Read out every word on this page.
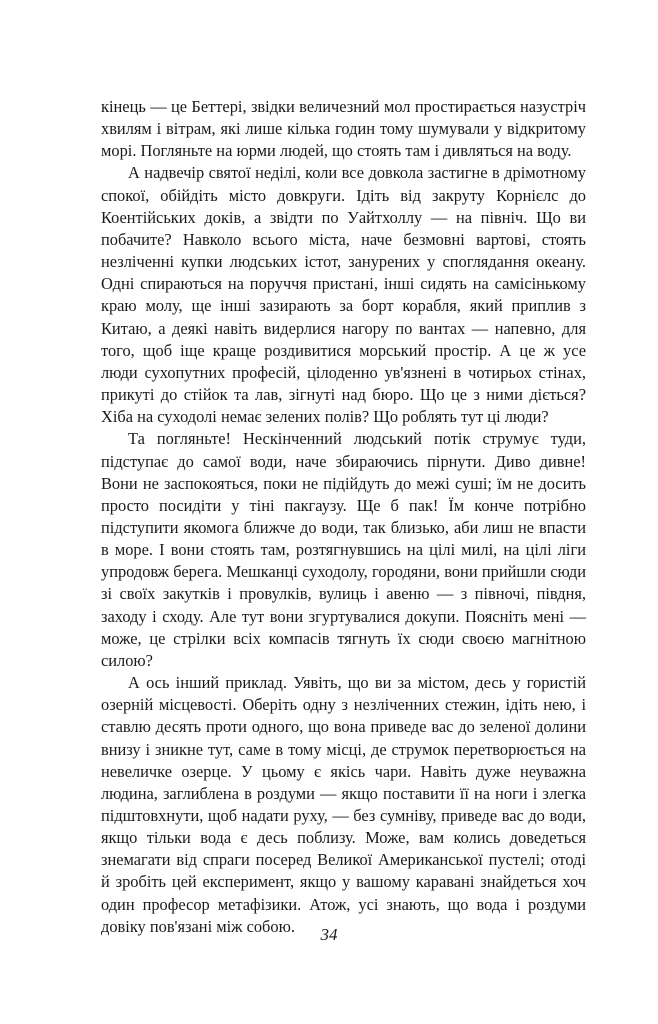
кінець — це Беттері, звідки величезний мол простирається назустріч хвилям і вітрам, які лише кілька годин тому шумували у відкритому морі. Погляньте на юрми людей, що стоять там і дивляться на воду.

А надвечір святої неділі, коли все довкола застигне в дрімотному спокої, обійдіть місто довкруги. Ідіть від закруту Корнієлс до Коентійських доків, а звідти по Уайтхоллу — на північ. Що ви побачите? Навколо всього міста, наче безмовні вартові, стоять незліченні купки людських істот, занурених у споглядання океану. Одні спираються на поруччя пристані, інші сидять на самісінькому краю молу, ще інші зазирають за борт корабля, який приплив з Китаю, а деякі навіть видерлися нагору по вантах — напевно, для того, щоб іще краще роздивитися морський простір. А це ж усе люди сухопутних професій, цілоденно ув'язнені в чотирьох стінах, прикуті до стійок та лав, зігнуті над бюро. Що це з ними діється? Хіба на суходолі немає зелених полів? Що роблять тут ці люди?

Та погляньте! Нескінченний людський потік струмує туди, підступає до самої води, наче збираючись пірнути. Диво дивне! Вони не заспокояться, поки не підійдуть до межі суші; їм не досить просто посидіти у тіні пакгаузу. Ще б пак! Їм конче потрібно підступити якомога ближче до води, так близько, аби лиш не впасти в море. І вони стоять там, розтягнувшись на цілі милі, на цілі ліги упродовж берега. Мешканці суходолу, городяни, вони прийшли сюди зі своїх закутків і провулків, вулиць і авеню — з півночі, півдня, заходу і сходу. Але тут вони згуртувалися докупи. Поясніть мені — може, це стрілки всіх компасів тягнуть їх сюди своєю магнітною силою?

А ось інший приклад. Уявіть, що ви за містом, десь у гористій озерній місцевості. Оберіть одну з незліченних стежин, ідіть нею, і ставлю десять проти одного, що вона приведе вас до зеленої долини внизу і зникне тут, саме в тому місці, де струмок перетворюється на невеличке озерце. У цьому є якісь чари. Навіть дуже неуважна людина, заглиблена в роздуми — якщо поставити її на ноги і злегка підштовхнути, щоб надати руху, — без сумніву, приведе вас до води, якщо тільки вода є десь поблизу. Може, вам колись доведеться знемагати від спраги посеред Великої Американської пустелі; отоді й зробіть цей експеримент, якщо у вашому каравані знайдеться хоч один професор метафізики. Атож, усі знають, що вода і роздуми довіку пов'язані між собою.	34
